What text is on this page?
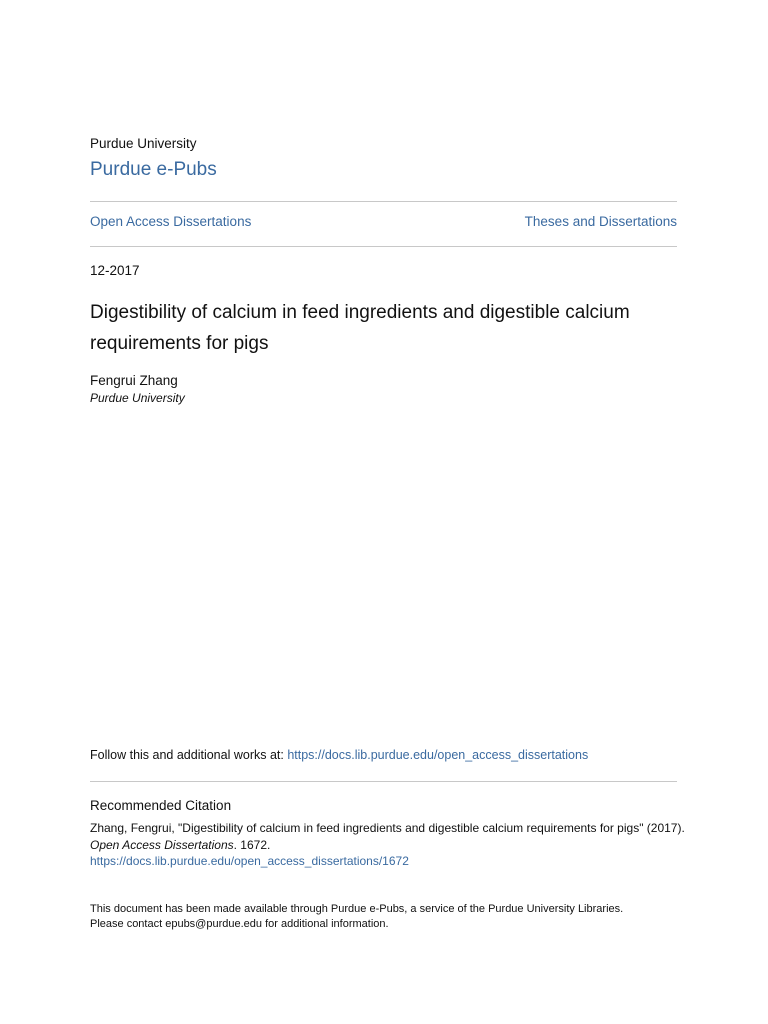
Purdue University
Purdue e-Pubs
Open Access Dissertations	Theses and Dissertations
12-2017
Digestibility of calcium in feed ingredients and digestible calcium requirements for pigs
Fengrui Zhang
Purdue University
Follow this and additional works at: https://docs.lib.purdue.edu/open_access_dissertations
Recommended Citation
Zhang, Fengrui, "Digestibility of calcium in feed ingredients and digestible calcium requirements for pigs" (2017). Open Access Dissertations. 1672.
https://docs.lib.purdue.edu/open_access_dissertations/1672
This document has been made available through Purdue e-Pubs, a service of the Purdue University Libraries.
Please contact epubs@purdue.edu for additional information.
